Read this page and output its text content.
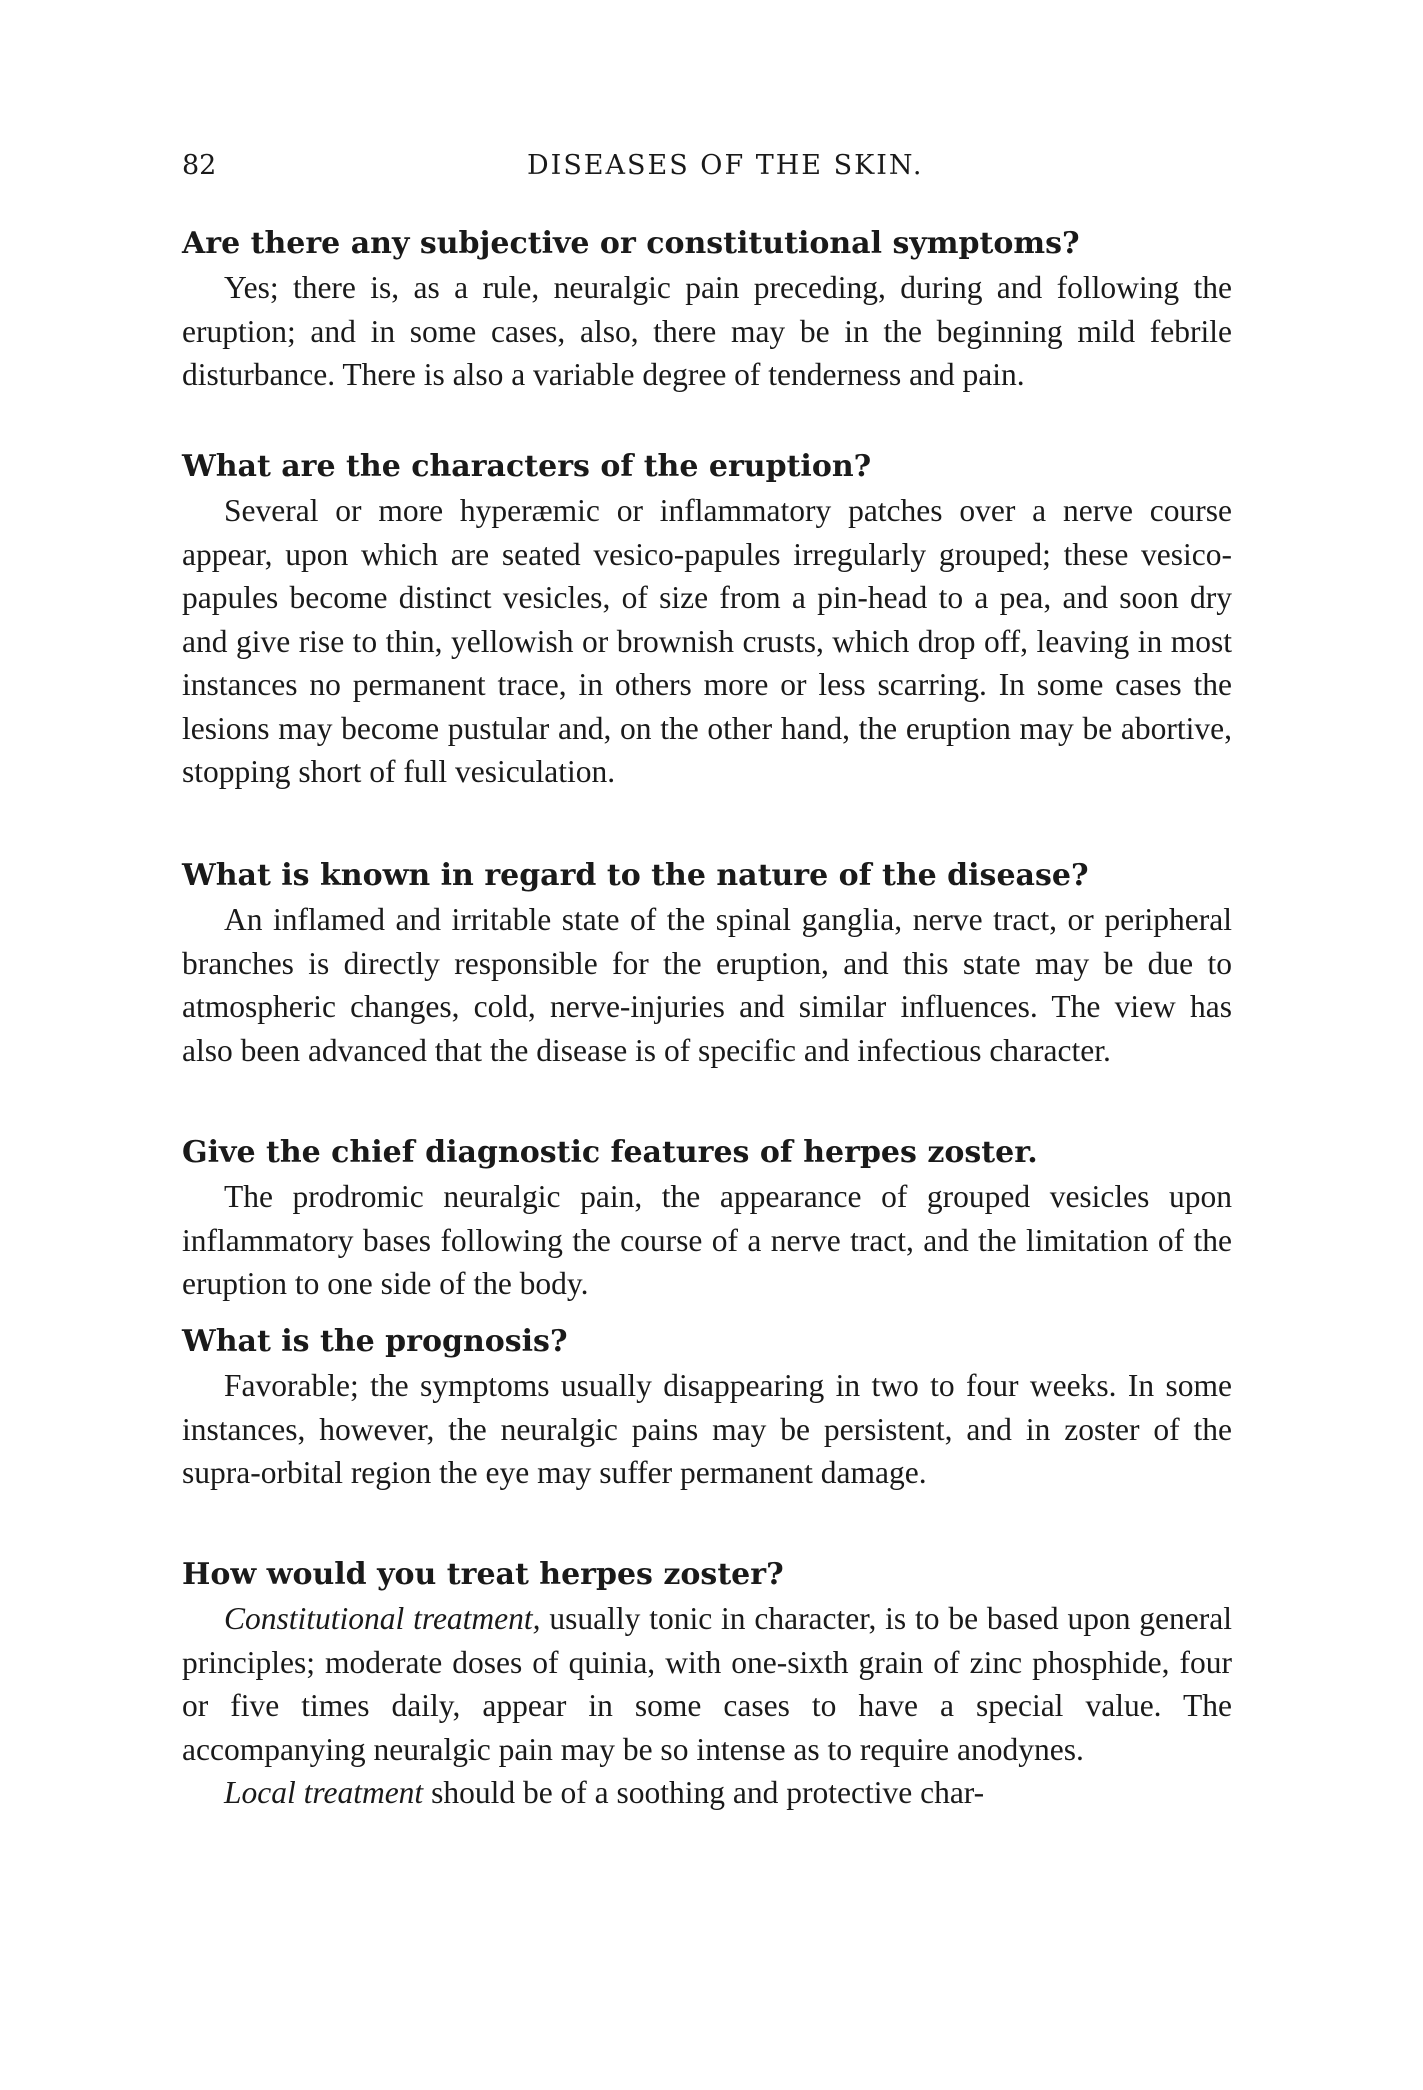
82	DISEASES OF THE SKIN.

Are there any subjective or constitutional symptoms?

Yes; there is, as a rule, neuralgic pain preceding, during and following the eruption; and in some cases, also, there may be in the beginning mild febrile disturbance. There is also a variable degree of tenderness and pain.

What are the characters of the eruption?

Several or more hyperæmic or inflammatory patches over a nerve course appear, upon which are seated vesico-papules irregularly grouped; these vesico-papules become distinct vesicles, of size from a pin-head to a pea, and soon dry and give rise to thin, yellowish or brownish crusts, which drop off, leaving in most instances no permanent trace, in others more or less scarring. In some cases the lesions may become pustular and, on the other hand, the eruption may be abortive, stopping short of full vesiculation.

What is known in regard to the nature of the disease?

An inflamed and irritable state of the spinal ganglia, nerve tract, or peripheral branches is directly responsible for the eruption, and this state may be due to atmospheric changes, cold, nerve-injuries and similar influences. The view has also been advanced that the disease is of specific and infectious character.

Give the chief diagnostic features of herpes zoster.

The prodromic neuralgic pain, the appearance of grouped vesicles upon inflammatory bases following the course of a nerve tract, and the limitation of the eruption to one side of the body.

What is the prognosis?

Favorable; the symptoms usually disappearing in two to four weeks. In some instances, however, the neuralgic pains may be persistent, and in zoster of the supra-orbital region the eye may suffer permanent damage.

How would you treat herpes zoster?

Constitutional treatment, usually tonic in character, is to be based upon general principles; moderate doses of quinia, with one-sixth grain of zinc phosphide, four or five times daily, appear in some cases to have a special value. The accompanying neuralgic pain may be so intense as to require anodynes.

Local treatment should be of a soothing and protective char-
